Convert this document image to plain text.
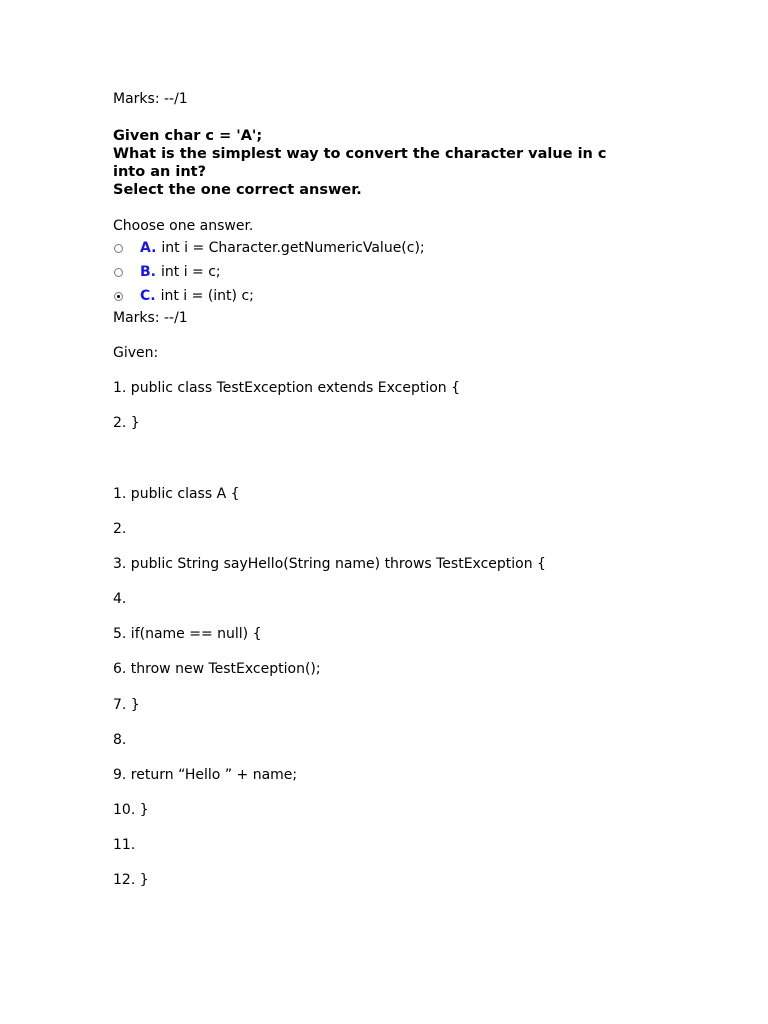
Marks: --/1
Given char c = 'A';
What is the simplest way to convert the character value in c
into an int?
Select the one correct answer.
Choose one answer.
A. int i = Character.getNumericValue(c);
B. int i = c;
C. int i = (int) c;
Marks: --/1
Given:
1. public class TestException extends Exception {
2. }
1. public class A {
2.
3. public String sayHello(String name) throws TestException {
4.
5. if(name == null) {
6. throw new TestException();
7. }
8.
9. return “Hello ” + name;
10. }
11.
12. }
